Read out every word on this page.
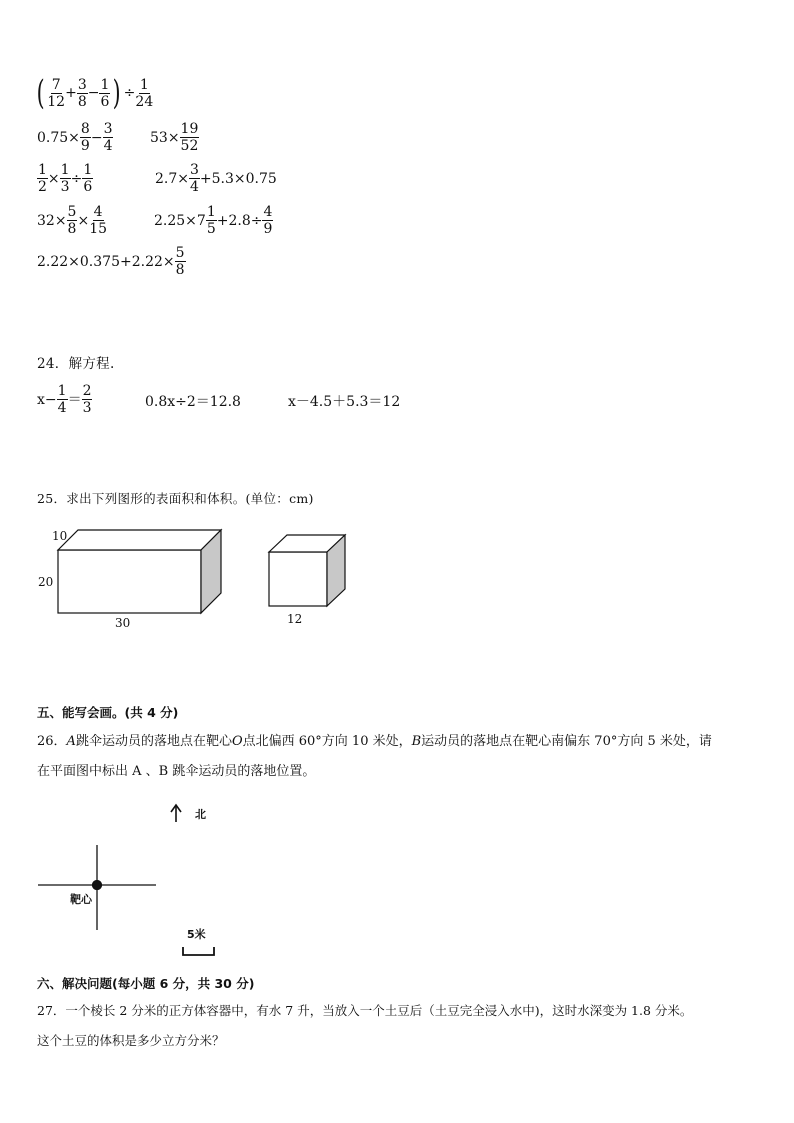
( 7
12
+ $\frac{3}{8} - \frac{1}{6}$ ) ÷ $\frac{1}{24}$
$0.75\times \frac{8}{9} - \frac{3}{4}$	$53\times \frac{19}{52}$
$\frac{1}{2} \times \frac{1}{3} \div \frac{1}{6}$	$2.7\times \frac{3}{4} +5.3\times 0.75$
$32\times \frac{5}{8} \times \frac{4}{15}$	2.25×7
1
5
$+2.8\div \frac{4}{9}$
$2.22\times 0.375+2.22\times \frac{5}{8}$
24．解方程.
$x- \frac{1}{4}$ ＝
2
3	0.8x÷2＝12.8	x－4.5＋5.3＝12
25．求出下列图形的表面积和体积。(单位：cm)
10
20
30	12
五、能写会画。(共 4 分)
26．A跳伞运动员的落地点在靶心O点北偏西 60°方向 10 米处，B运动员的落地点在靶心南偏东 70°方向 5 米处，请
在平面图中标出 A 、B 跳伞运动员的落地位置。
北
靶心
5米
六、解决问题(每小题 6 分，共 30 分)
27．一个棱长 2 分米的正方体容器中，有水 7 升，当放入一个土豆后（土豆完全浸入水中)，这时水深变为 1.8 分米。
这个土豆的体积是多少立方分米？
